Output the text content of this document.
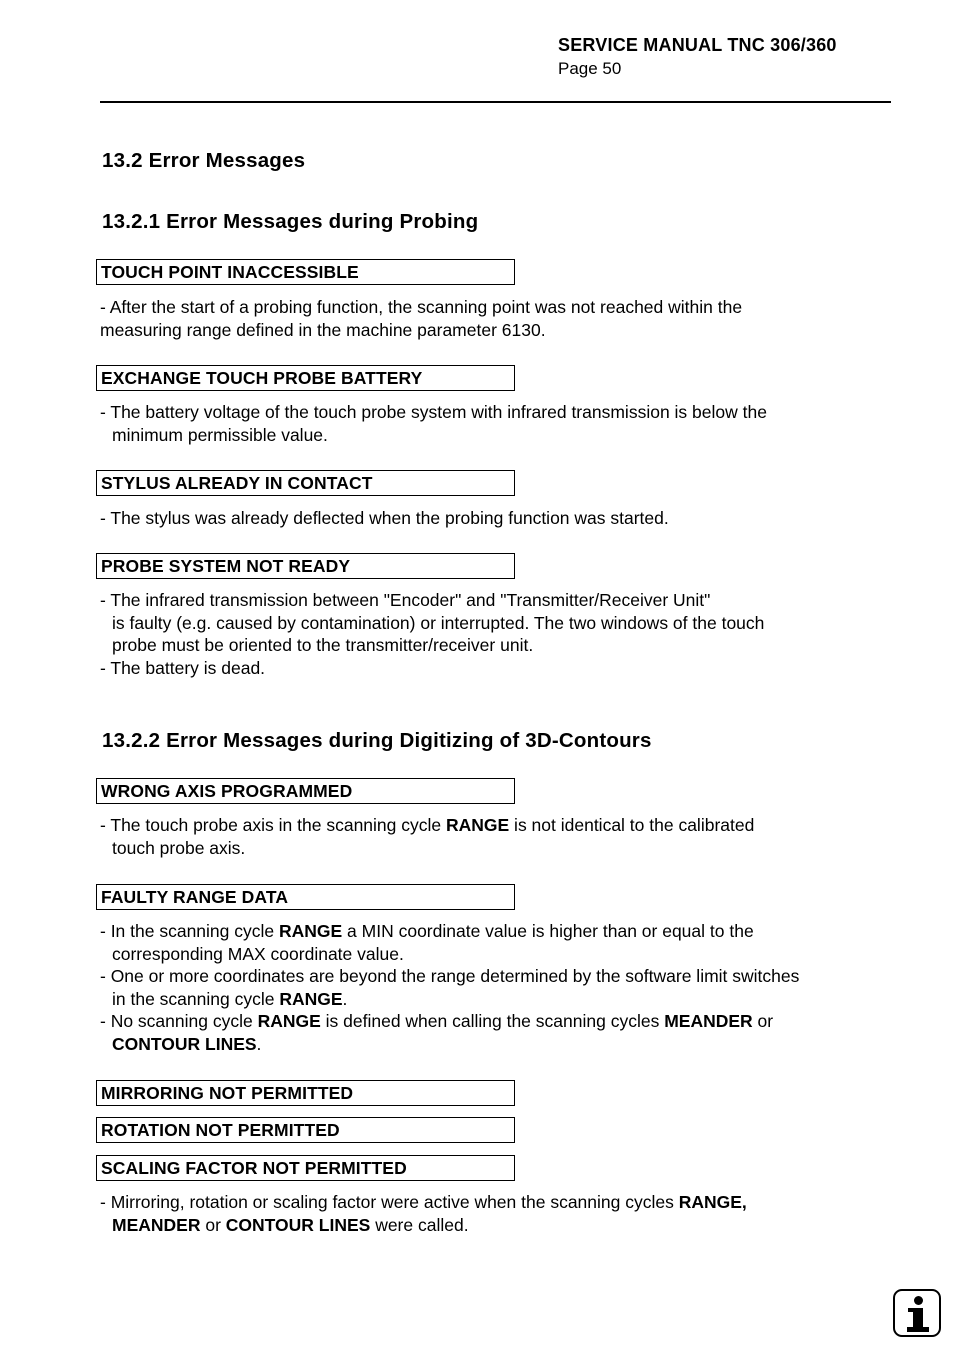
SERVICE MANUAL TNC 306/360
Page 50
13.2 Error Messages
13.2.1 Error Messages during Probing
TOUCH POINT INACCESSIBLE
- After the start of a probing function, the scanning point was not reached within the
measuring range defined in the machine parameter 6130.
EXCHANGE TOUCH PROBE BATTERY
- The battery voltage of the touch probe system with infrared transmission is below the
minimum permissible value.
STYLUS ALREADY IN CONTACT
- The stylus was already deflected when the probing function was started.
PROBE SYSTEM NOT READY
- The infrared transmission between "Encoder" and "Transmitter/Receiver Unit"
is faulty (e.g. caused by contamination) or interrupted. The two windows of the touch
probe must be oriented to the transmitter/receiver unit.
- The battery is dead.
13.2.2 Error Messages during Digitizing of 3D-Contours
WRONG AXIS PROGRAMMED
- The touch probe axis in the scanning cycle RANGE is not identical to the calibrated
touch probe axis.
FAULTY RANGE DATA
- In the scanning cycle RANGE a MIN coordinate value is higher than or equal to the
corresponding MAX coordinate value.
- One or more coordinates are beyond the range determined by the software limit switches
in the scanning cycle RANGE.
- No scanning cycle RANGE is defined when calling the scanning cycles MEANDER or
CONTOUR LINES.
MIRRORING NOT PERMITTED
ROTATION NOT PERMITTED
SCALING FACTOR NOT PERMITTED
- Mirroring, rotation or scaling factor were active when the scanning cycles RANGE,
MEANDER or CONTOUR LINES were called.
